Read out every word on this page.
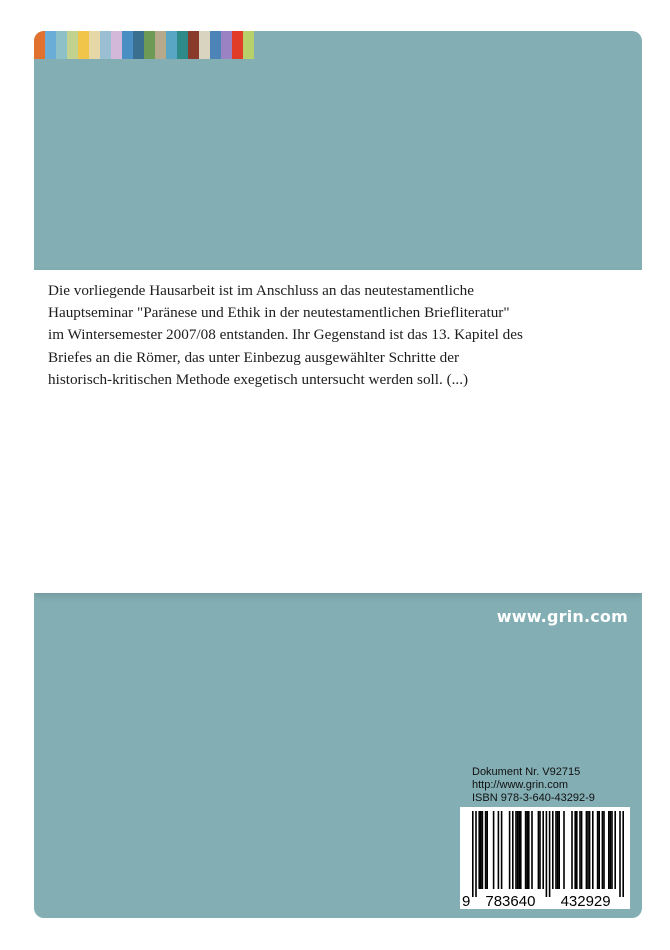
Die vorliegende Hausarbeit ist im Anschluss an das neutestamentliche
Hauptseminar "Paränese und Ethik in der neutestamentlichen Briefliteratur"
im Wintersemester 2007/08 entstanden. Ihr Gegenstand ist das 13. Kapitel des
Briefes an die Römer, das unter Einbezug ausgewählter Schritte der
historisch-kritischen Methode exegetisch untersucht werden soll. (...)

www.grin.com
Dokument Nr. V92715
http://www.grin.com
ISBN 978-3-640-43292-9
9 783640 432929
